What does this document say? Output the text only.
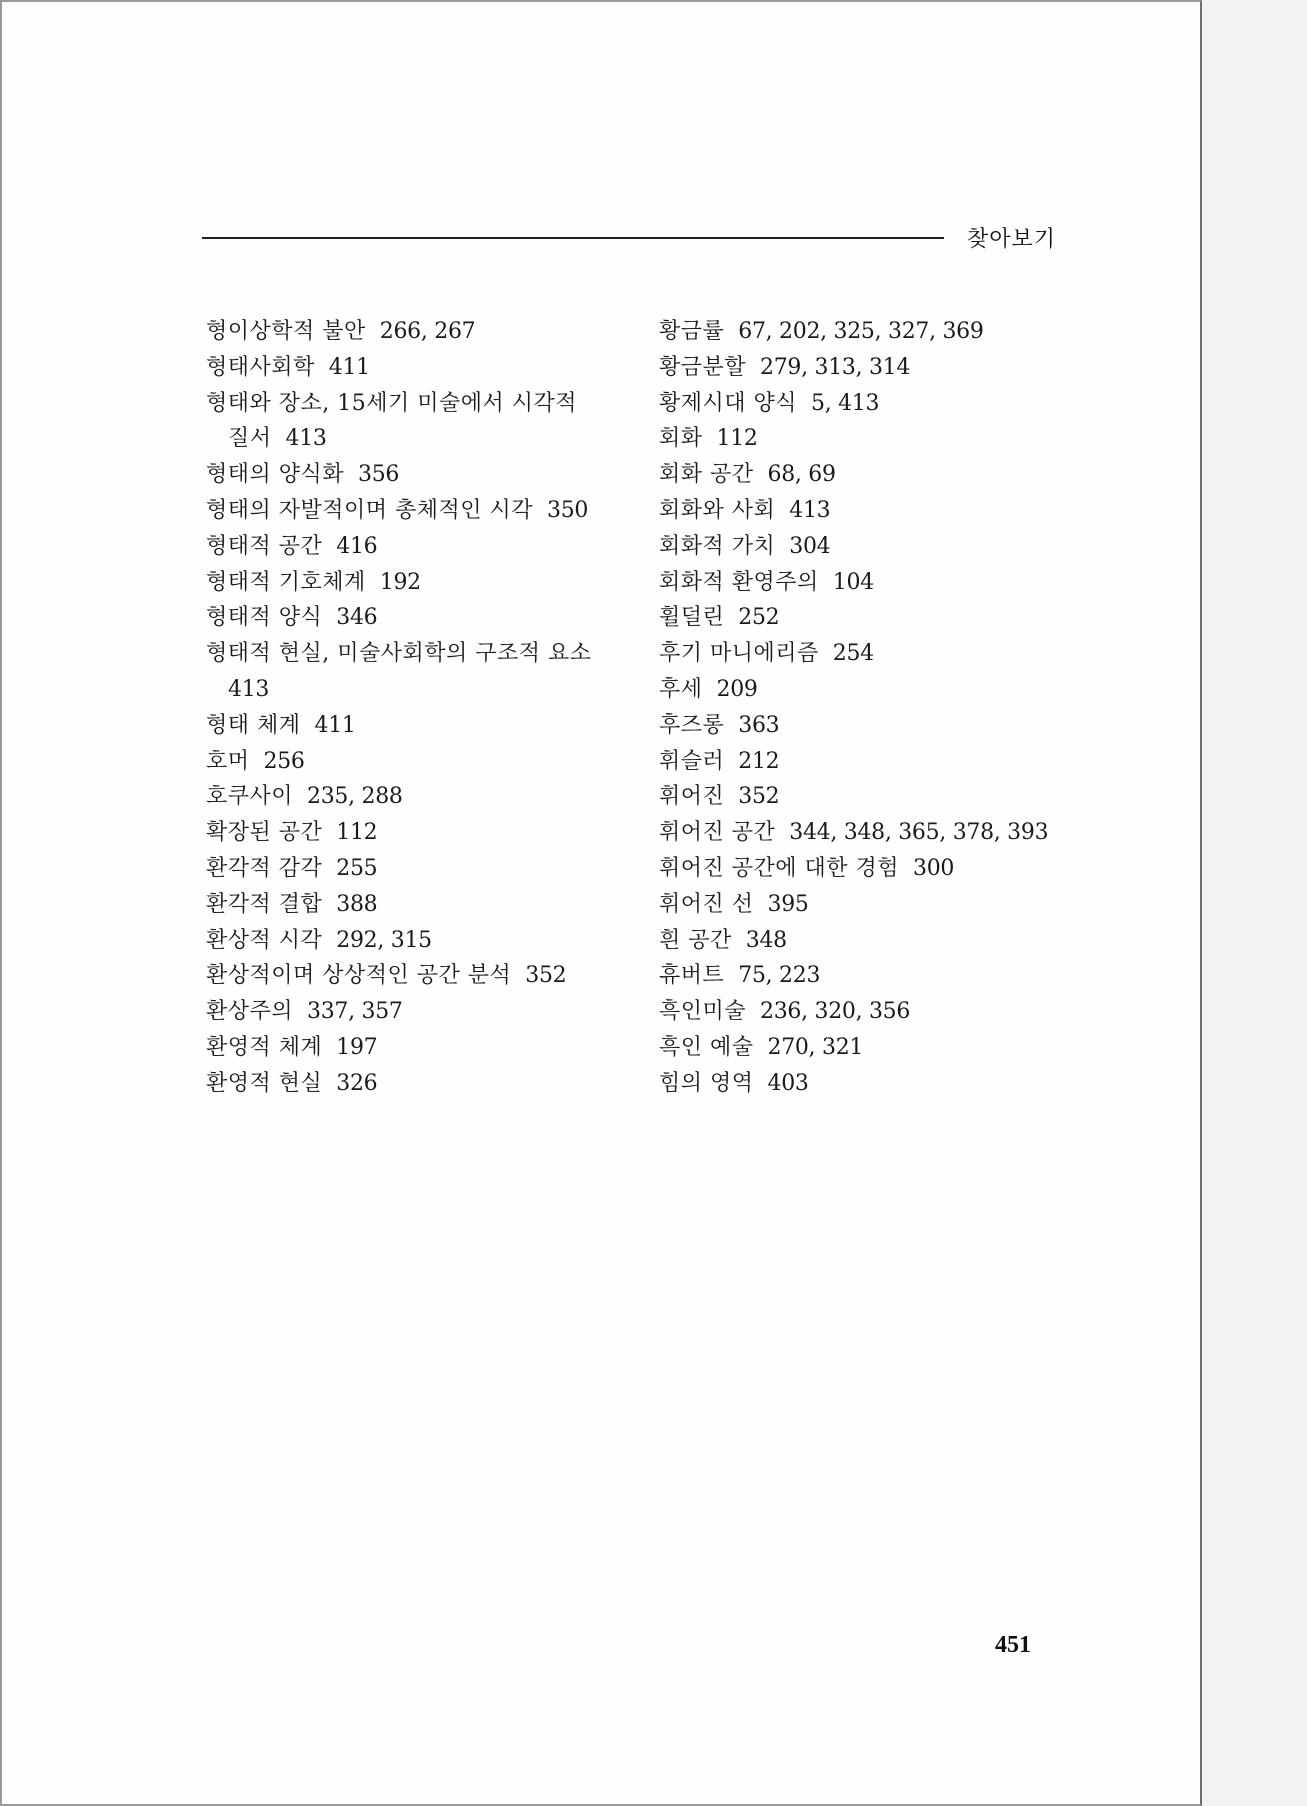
찾아보기
형이상학적 불안 266, 267
형태사회학 411
형태와 장소, 15세기 미술에서 시각적
질서 413
형태의 양식화 356
형태의 자발적이며 총체적인 시각 350
형태적 공간 416
형태적 기호체계 192
형태적 양식 346
형태적 현실, 미술사회학의 구조적 요소
413
형태 체계 411
호머 256
호쿠사이 235, 288
확장된 공간 112
환각적 감각 255
환각적 결합 388
환상적 시각 292, 315
환상적이며 상상적인 공간 분석 352
환상주의 337, 357
환영적 체계 197
환영적 현실 326
황금률 67, 202, 325, 327, 369
황금분할 279, 313, 314
황제시대 양식 5, 413
회화 112
회화 공간 68, 69
회화와 사회 413
회화적 가치 304
회화적 환영주의 104
휠덜린 252
후기 마니에리즘 254
후세 209
후즈롱 363
휘슬러 212
휘어진 352
휘어진 공간 344, 348, 365, 378, 393
휘어진 공간에 대한 경험 300
휘어진 선 395
흰 공간 348
휴버트 75, 223
흑인미술 236, 320, 356
흑인 예술 270, 321
힘의 영역 403
451
